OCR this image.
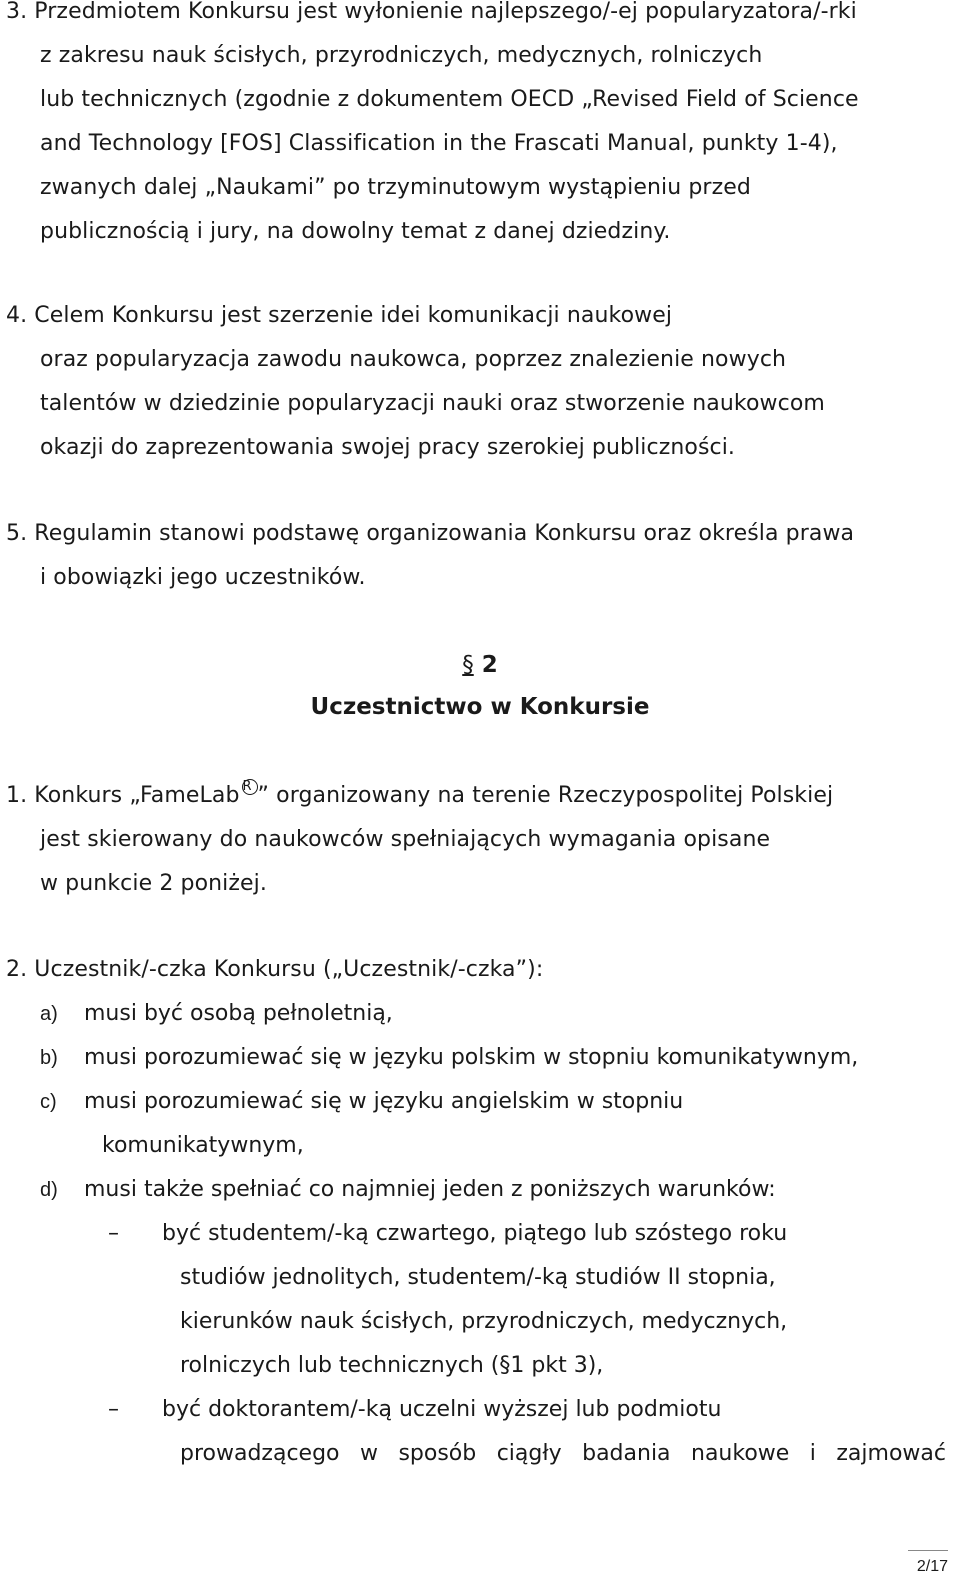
3. Przedmiotem Konkursu jest wyłonienie najlepszego/-ej popularyzatora/-rki

z zakresu nauk ścisłych, przyrodniczych, medycznych, rolniczych

lub technicznych (zgodnie z dokumentem OECD „Revised Field of Science

and Technology [FOS] Classification in the Frascati Manual, punkty 1-4),

zwanych dalej „Naukami” po trzyminutowym wystąpieniu przed

publicznością i jury, na dowolny temat z danej dziedziny.

4. Celem Konkursu jest szerzenie idei komunikacji naukowej

oraz popularyzacja zawodu naukowca, poprzez znalezienie nowych

talentów w dziedzinie popularyzacji nauki oraz stworzenie naukowcom

okazji do zaprezentowania swojej pracy szerokiej publiczności.

5. Regulamin stanowi podstawę organizowania Konkursu oraz określa prawa

i obowiązki jego uczestników.

§ 2
Uczestnictwo w Konkursie

1. Konkurs „FameLab R ” organizowany na terenie Rzeczypospolitej Polskiej

jest skierowany do naukowców spełniających wymagania opisane

w punkcie 2 poniżej.

2. Uczestnik/-czka Konkursu („Uczestnik/-czka”):

a) musi być osobą pełnoletnią,

b) musi porozumiewać się w języku polskim w stopniu komunikatywnym,

c) musi porozumiewać się w języku angielskim w stopniu

komunikatywnym,

d) musi także spełniać co najmniej jeden z poniższych warunków:

– być studentem/-ką czwartego, piątego lub szóstego roku

studiów jednolitych, studentem/-ką studiów II stopnia,

kierunków nauk ścisłych, przyrodniczych, medycznych,

rolniczych lub technicznych (§1 pkt 3),

– być doktorantem/-ką uczelni wyższej lub podmiotu

prowadzącego w sposób ciągły badania naukowe i zajmować

2/17
